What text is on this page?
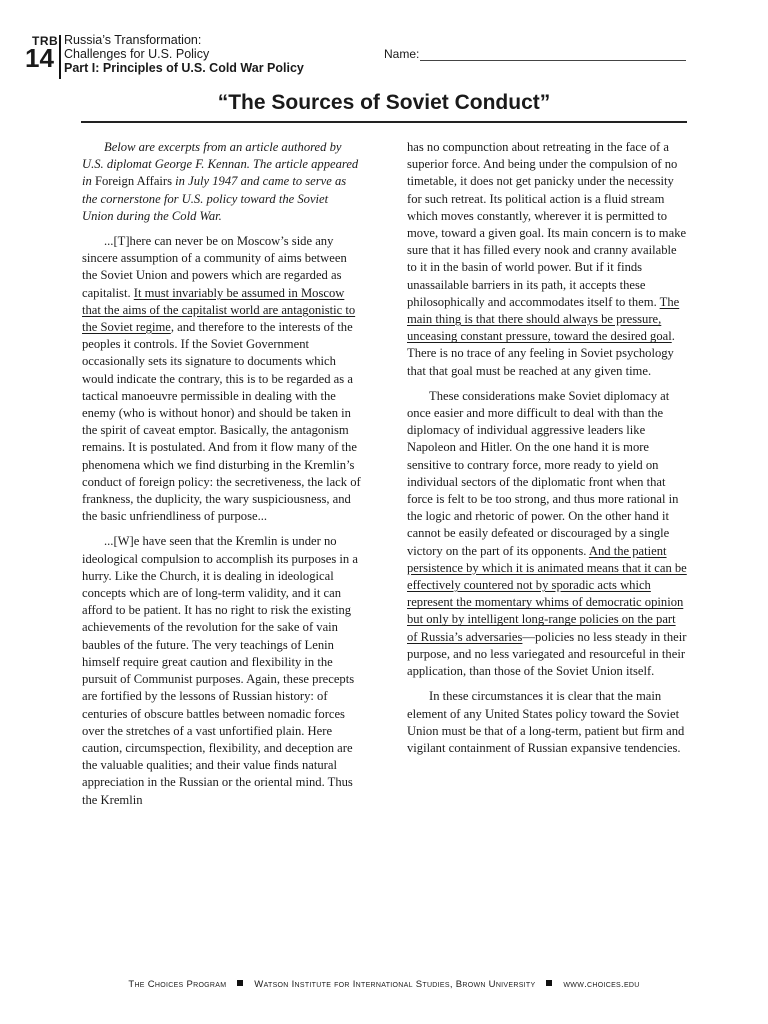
TRB
14
Russia’s Transformation:
Challenges for U.S. Policy
Part I: Principles of U.S. Cold War Policy
Name:
“The Sources of Soviet Conduct”

Below are excerpts from an article authored by U.S. diplomat George F. Kennan. The article appeared in Foreign Affairs in July 1947 and came to serve as the cornerstone for U.S. policy toward the Soviet Union during the Cold War.

...[T]here can never be on Moscow’s side any sincere assumption of a community of aims between the Soviet Union and powers which are regarded as capitalist. It must invariably be assumed in Moscow that the aims of the capitalist world are antagonistic to the Soviet regime, and therefore to the interests of the peoples it controls. If the Soviet Government occasionally sets its signature to documents which would indicate the contrary, this is to be regarded as a tactical manoeuvre permissible in dealing with the enemy (who is without honor) and should be taken in the spirit of caveat emptor. Basically, the antagonism remains. It is postulated. And from it flow many of the phenomena which we find disturbing in the Kremlin’s conduct of foreign policy: the secretiveness, the lack of frankness, the duplicity, the wary suspiciousness, and the basic unfriendliness of purpose...

...[W]e have seen that the Kremlin is under no ideological compulsion to accomplish its purposes in a hurry. Like the Church, it is dealing in ideological concepts which are of long-term validity, and it can afford to be patient. It has no right to risk the existing achievements of the revolution for the sake of vain baubles of the future. The very teachings of Lenin himself require great caution and flexibility in the pursuit of Communist purposes. Again, these precepts are fortified by the lessons of Russian history: of centuries of obscure battles between nomadic forces over the stretches of a vast unfortified plain. Here caution, circumspection, flexibility, and deception are the valuable qualities; and their value finds natural appreciation in the Russian or the oriental mind. Thus the Kremlin

has no compunction about retreating in the face of a superior force. And being under the compulsion of no timetable, it does not get panicky under the necessity for such retreat. Its political action is a fluid stream which moves constantly, wherever it is permitted to move, toward a given goal. Its main concern is to make sure that it has filled every nook and cranny available to it in the basin of world power. But if it finds unassailable barriers in its path, it accepts these philosophically and accommodates itself to them. The main thing is that there should always be pressure, unceasing constant pressure, toward the desired goal. There is no trace of any feeling in Soviet psychology that that goal must be reached at any given time.

These considerations make Soviet diplomacy at once easier and more difficult to deal with than the diplomacy of individual aggressive leaders like Napoleon and Hitler. On the one hand it is more sensitive to contrary force, more ready to yield on individual sectors of the diplomatic front when that force is felt to be too strong, and thus more rational in the logic and rhetoric of power. On the other hand it cannot be easily defeated or discouraged by a single victory on the part of its opponents. And the patient persistence by which it is animated means that it can be effectively countered not by sporadic acts which represent the momentary whims of democratic opinion but only by intelligent long-range policies on the part of Russia’s adversaries—policies no less steady in their purpose, and no less variegated and resourceful in their application, than those of the Soviet Union itself.

In these circumstances it is clear that the main element of any United States policy toward the Soviet Union must be that of a long-term, patient but firm and vigilant containment of Russian expansive tendencies.

The Choices Program	Watson Institute for International Studies, Brown University	www.choices.edu
